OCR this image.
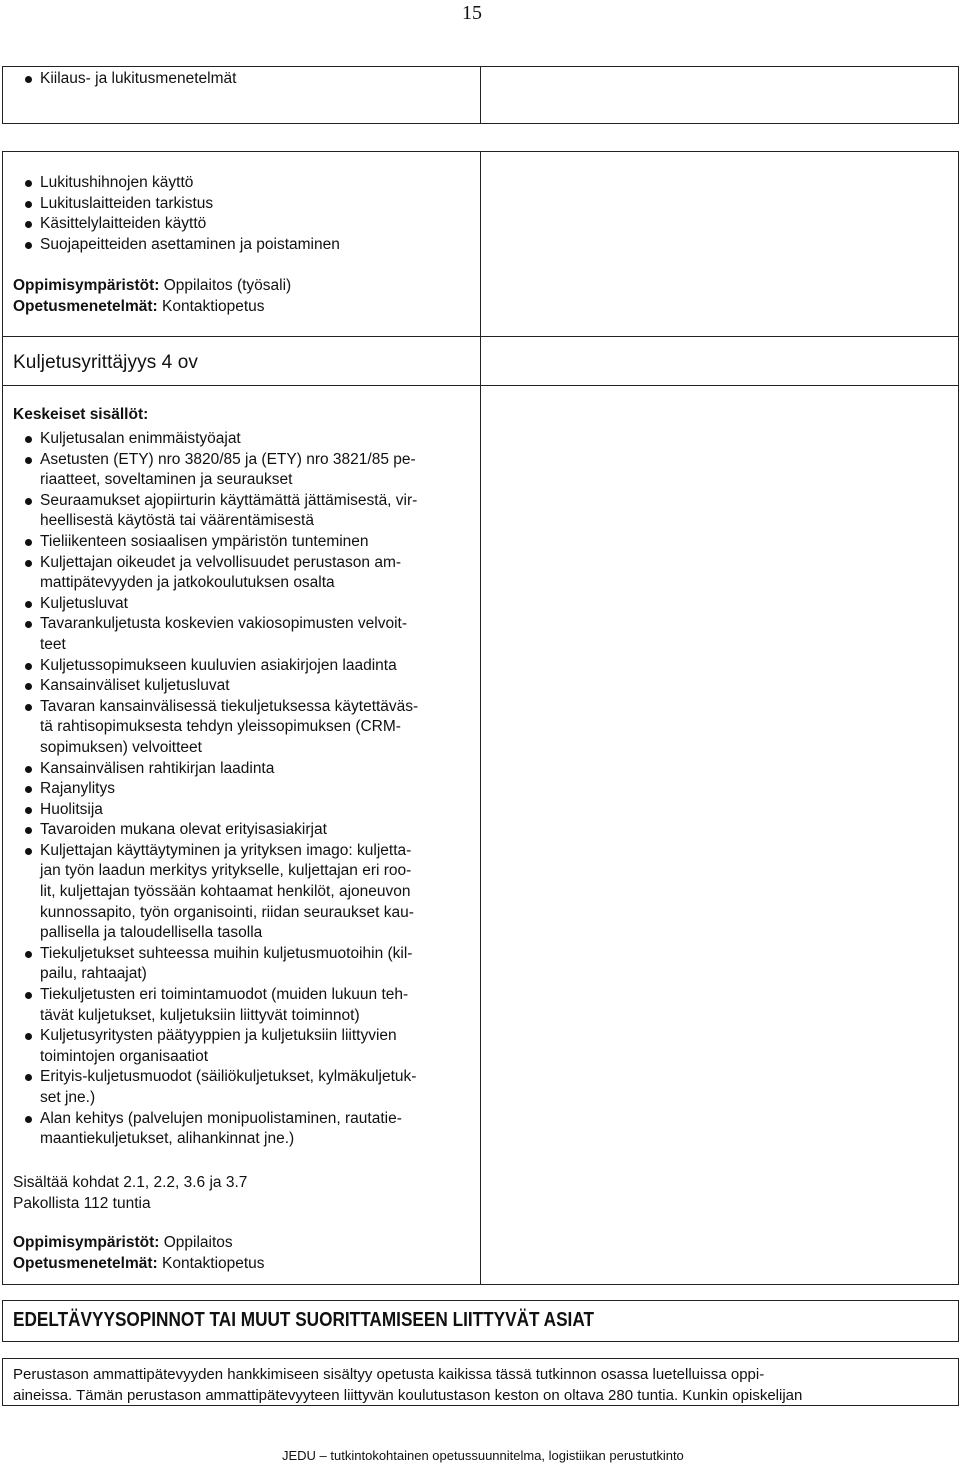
15
Kiilaus- ja lukitusmenetelmät
Lukitushihnojen käyttö
Lukituslaitteiden tarkistus
Käsittelylaitteiden käyttö
Suojapeitteiden asettaminen ja poistaminen
Oppimisympäristöt: Oppilaitos (työsali)
Opetusmenetelmät: Kontaktiopetus
Kuljetusyrittäjyys 4 ov
Keskeiset sisällöt:
Kuljetusalan enimmäistyöajat
Asetusten (ETY) nro 3820/85 ja (ETY) nro 3821/85 pe-
riaatteet, soveltaminen ja seuraukset
Seuraamukset ajopiirturin käyttämättä jättämisestä, vir-
heellisestä käytöstä tai väärentämisestä
Tieliikenteen sosiaalisen ympäristön tunteminen
Kuljettajan oikeudet ja velvollisuudet perustason am-
mattipätevyyden ja jatkokoulutuksen osalta
Kuljetusluvat
Tavarankuljetusta koskevien vakiosopimusten velvoit-
teet
Kuljetussopimukseen kuuluvien asiakirjojen laadinta
Kansainväliset kuljetusluvat
Tavaran kansainvälisessä tiekuljetuksessa käytettäväs-
tä rahtisopimuksesta tehdyn yleissopimuksen (CRM-
sopimuksen) velvoitteet
Kansainvälisen rahtikirjan laadinta
Rajanylitys
Huolitsija
Tavaroiden mukana olevat erityisasiakirjat
Kuljettajan käyttäytyminen ja yrityksen imago: kuljetta-
jan työn laadun merkitys yritykselle, kuljettajan eri roo-
lit, kuljettajan työssään kohtaamat henkilöt, ajoneuvon
kunnossapito, työn organisointi, riidan seuraukset kau-
pallisella ja taloudellisella tasolla
Tiekuljetukset suhteessa muihin kuljetusmuotoihin (kil-
pailu, rahtaajat)
Tiekuljetusten eri toimintamuodot (muiden lukuun teh-
tävät kuljetukset, kuljetuksiin liittyvät toiminnot)
Kuljetusyritysten päätyyppien ja kuljetuksiin liittyvien
toimintojen organisaatiot
Erityis-kuljetusmuodot (säiliökuljetukset, kylmäkuljetuk-
set jne.)
Alan kehitys (palvelujen monipuolistaminen, rautatie-
maantiekuljetukset, alihankinnat jne.)
Sisältää kohdat 2.1, 2.2, 3.6 ja 3.7
Pakollista 112 tuntia
Oppimisympäristöt: Oppilaitos
Opetusmenetelmät: Kontaktiopetus
EDELTÄVYYSOPINNOT TAI MUUT SUORITTAMISEEN LIITTYVÄT ASIAT
Perustason ammattipätevyyden hankkimiseen sisältyy opetusta kaikissa tässä tutkinnon osassa luetelluissa oppi-
aineissa. Tämän perustason ammattipätevyyteen liittyvän koulutustason keston on oltava 280 tuntia. Kunkin opiskelijan
JEDU – tutkintokohtainen opetussuunnitelma, logistiikan perustutkinto
